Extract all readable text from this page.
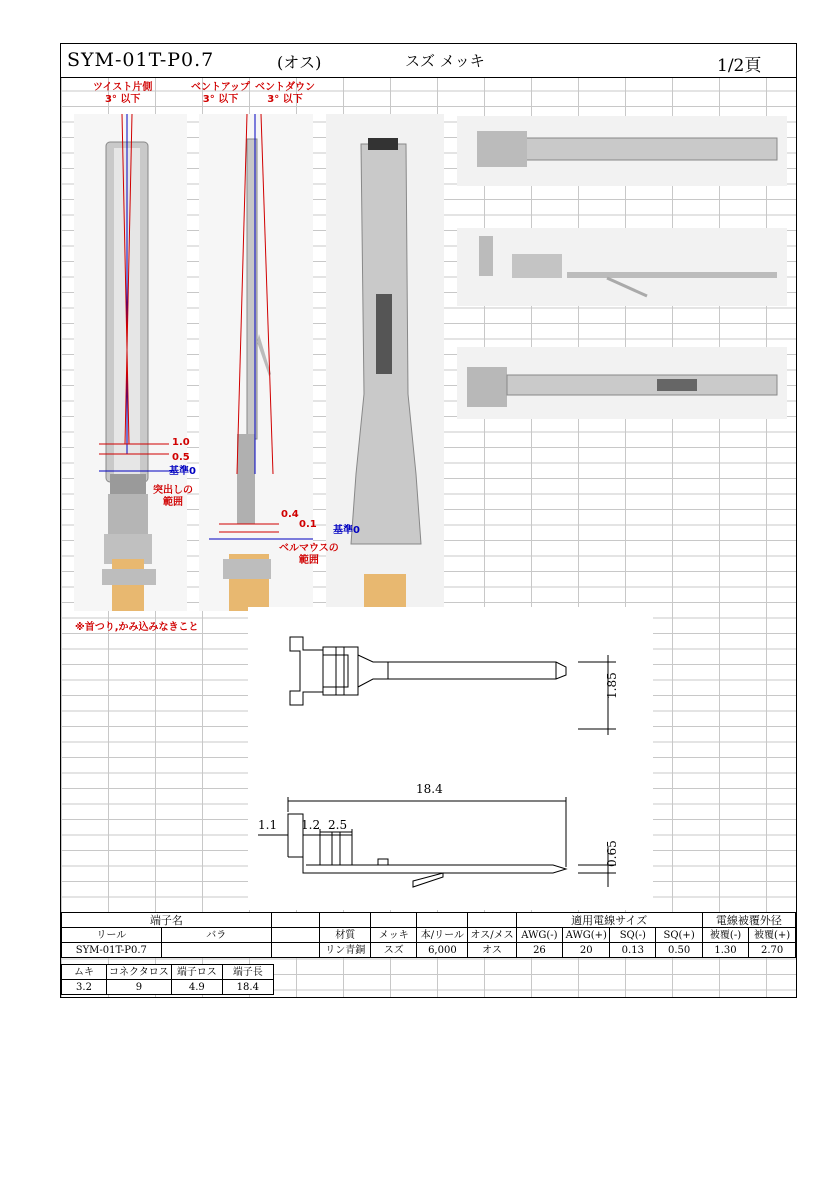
SYM-01T-P0.7	(オス)	スズ メッキ	1/2頁
ツイスト片側
3° 以下
ベントアップ
3° 以下
ベントダウン
3° 以下
1.0
0.5
基準0
突出しの
範囲
0.4
0.1
基準0
ベルマウスの
範囲
※首つり,かみ込みなきこと
1.85
18.4
1.1 1.2 2.5
0.65
端子名							適用電線サイズ				電線被覆外径	
リール	バラ		材質	メッキ	本/リール	オス/メス	AWG(-)	AWG(+)	SQ(-)	SQ(+)	被覆(-)	被覆(+)
SYM-01T-P0.7			リン青銅	スズ	6,000	オス	26	20	0.13	0.50	1.30	2.70
ムキ	コネクタロス	端子ロス	端子長
3.2	9	4.9	18.4
